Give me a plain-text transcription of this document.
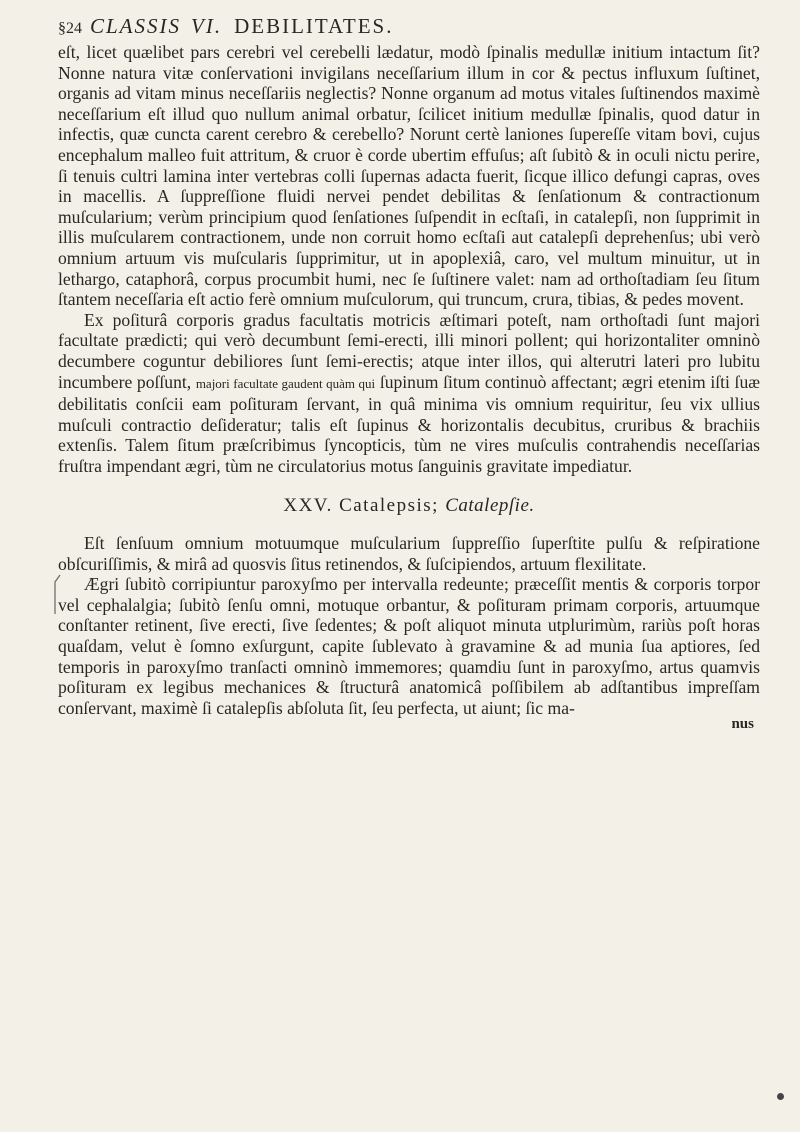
§24 CLASSIS VI. DEBILITATES.

eſt, licet quælibet pars cerebri vel cerebelli lædatur, modò ſpinalis medullæ initium intactum ſit? Nonne natura vitæ conſervationi invigilans neceſſarium illum in cor & pectus influxum ſuſtinet, organis ad vitam minus neceſſariis neglectis? Nonne organum ad motus vitales ſuſtinendos maximè neceſſarium eſt illud quo nullum animal orbatur, ſcilicet initium medullæ ſpinalis, quod datur in infectis, quæ cuncta carent cerebro & cerebello? Norunt certè laniones ſupereſſe vitam bovi, cujus encephalum malleo fuit attritum, & cruor è corde ubertim effuſus; aſt ſubitò & in oculi nictu perire, ſi tenuis cultri lamina inter vertebras colli ſupernas adacta fuerit, ſicque illico defungi capras, oves in macellis. A ſuppreſſione fluidi nervei pendet debilitas & ſenſationum & contractionum muſcularium; verùm principium quod ſenſationes ſuſpendit in ecſtaſi, in catalepſi, non ſupprimit in illis muſcularem contractionem, unde non corruit homo ecſtaſi aut catalepſi deprehenſus; ubi verò omnium artuum vis muſcularis ſupprimitur, ut in apoplexiâ, caro, vel multum minuitur, ut in lethargo, cataphorâ, corpus procumbit humi, nec ſe ſuſtinere valet: nam ad orthoſtadiam ſeu ſitum ſtantem neceſſaria eſt actio ferè omnium muſculorum, qui truncum, crura, tibias, & pedes movent.

Ex poſiturâ corporis gradus facultatis motricis æſtimari poteſt, nam orthoſtadi ſunt majori facultate prædicti; qui verò decumbunt ſemi-erecti, illi minori pollent; qui horizontaliter omninò decumbere coguntur debiliores ſunt ſemi-erectis; atque inter illos, qui alterutri lateri pro lubitu incumbere poſſunt, majori facultate gaudent quàm qui ſupinum ſitum continuò affectant; ægri etenim iſti ſuæ debilitatis conſcii eam poſituram ſervant, in quâ minima vis omnium requiritur, ſeu vix ullius muſculi contractio deſideratur; talis eſt ſupinus & horizontalis decubitus, cruribus & brachiis extenſis. Talem ſitum præſcribimus ſyncopticis, tùm ne vires muſculis contrahendis neceſſarias fruſtra impendant ægri, tùm ne circulatorius motus ſanguinis gravitate impediatur.

XXV. Catalepsis; Catalepſie.

Eſt ſenſuum omnium motuumque muſcularium ſuppreſſio ſuperſtite pulſu & reſpiratione obſcuriſſimis, & mirâ ad quosvis ſitus retinendos, & ſuſcipiendos, artuum flexilitate.

Ægri ſubitò corripiuntur paroxyſmo per intervalla redeunte; præceſſit mentis & corporis torpor vel cephalalgia; ſubitò ſenſu omni, motuque orbantur, & poſituram primam corporis, artuumque conſtanter retinent, ſive erecti, ſive ſedentes; & poſt aliquot minuta utplurimùm, rariùs poſt horas quaſdam, velut è ſomno exſurgunt, capite ſublevato à gravamine & ad munia ſua aptiores, ſed temporis in paroxyſmo tranſacti omninò immemores; quamdiu ſunt in paroxyſmo, artus quamvis poſituram ex legibus mechanices & ſtructurâ anatomicâ poſſibilem ab adſtantibus impreſſam conſervant, maximè ſi catalepſis abſoluta ſit, ſeu perfecta, ut aiunt; ſic ma-

nus
